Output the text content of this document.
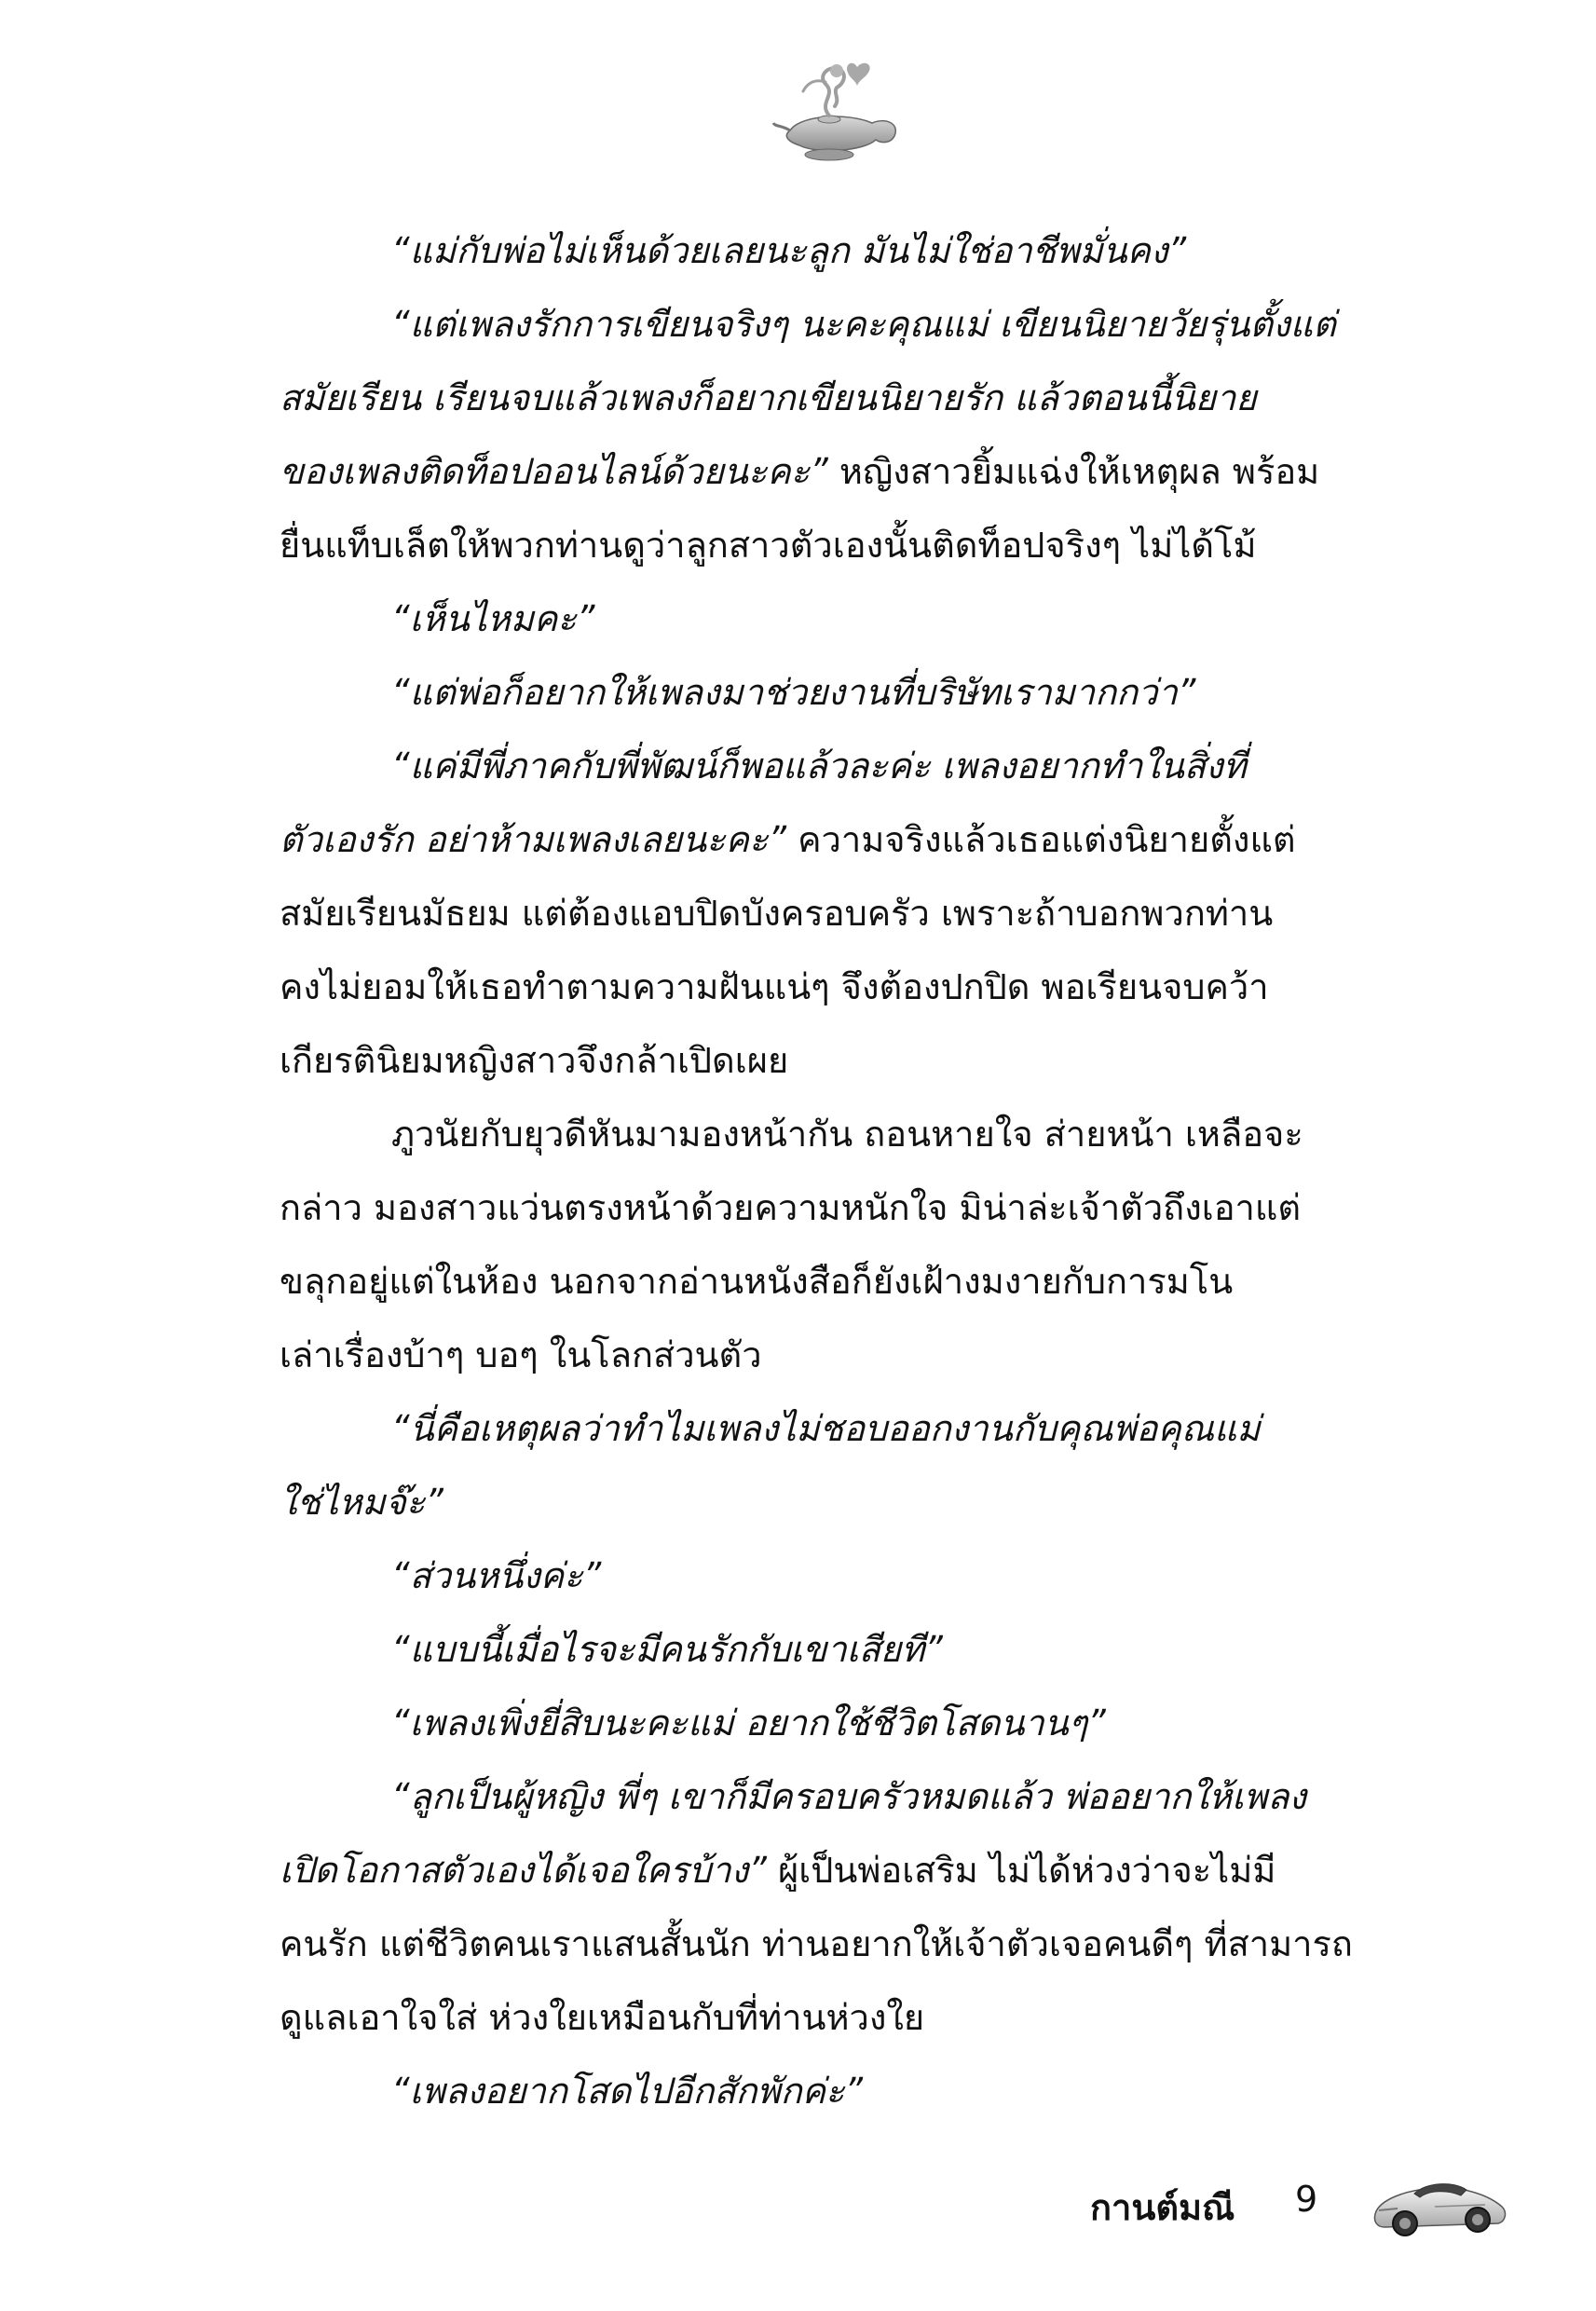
“แม่กับพ่อไม่เห็นด้วยเลยนะลูก มันไม่ใช่อาชีพมั่นคง”
“แต่เพลงรักการเขียนจริงๆ นะคะคุณแม่ เขียนนิยายวัยรุ่นตั้งแต่
สมัยเรียน เรียนจบแล้วเพลงก็อยากเขียนนิยายรัก แล้วตอนนี้นิยาย
ของเพลงติดท็อปออนไลน์ด้วยนะคะ” หญิงสาวยิ้มแฉ่งให้เหตุผล พร้อม
ยื่นแท็บเล็ตให้พวกท่านดูว่าลูกสาวตัวเองนั้นติดท็อปจริงๆ ไม่ได้โม้
“เห็นไหมคะ”
“แต่พ่อก็อยากให้เพลงมาช่วยงานที่บริษัทเรามากกว่า”
“แค่มีพี่ภาคกับพี่พัฒน์ก็พอแล้วละค่ะ เพลงอยากทำในสิ่งที่
ตัวเองรัก อย่าห้ามเพลงเลยนะคะ” ความจริงแล้วเธอแต่งนิยายตั้งแต่
สมัยเรียนมัธยม แต่ต้องแอบปิดบังครอบครัว เพราะถ้าบอกพวกท่าน
คงไม่ยอมให้เธอทำตามความฝันแน่ๆ จึงต้องปกปิด พอเรียนจบคว้า
เกียรตินิยมหญิงสาวจึงกล้าเปิดเผย
ภูวนัยกับยุวดีหันมามองหน้ากัน ถอนหายใจ ส่ายหน้า เหลือจะ
กล่าว มองสาวแว่นตรงหน้าด้วยความหนักใจ มิน่าล่ะเจ้าตัวถึงเอาแต่
ขลุกอยู่แต่ในห้อง นอกจากอ่านหนังสือก็ยังเฝ้างมงายกับการมโน
เล่าเรื่องบ้าๆ บอๆ ในโลกส่วนตัว
“นี่คือเหตุผลว่าทำไมเพลงไม่ชอบออกงานกับคุณพ่อคุณแม่
ใช่ไหมจ๊ะ”
“ส่วนหนึ่งค่ะ”
“แบบนี้เมื่อไรจะมีคนรักกับเขาเสียที”
“เพลงเพิ่งยี่สิบนะคะแม่ อยากใช้ชีวิตโสดนานๆ”
“ลูกเป็นผู้หญิง พี่ๆ เขาก็มีครอบครัวหมดแล้ว พ่ออยากให้เพลง
เปิดโอกาสตัวเองได้เจอใครบ้าง” ผู้เป็นพ่อเสริม ไม่ได้ห่วงว่าจะไม่มี
คนรัก แต่ชีวิตคนเราแสนสั้นนัก ท่านอยากให้เจ้าตัวเจอคนดีๆ ที่สามารถ
ดูแลเอาใจใส่ ห่วงใยเหมือนกับที่ท่านห่วงใย
“เพลงอยากโสดไปอีกสักพักค่ะ”
กานต์มณี 9
